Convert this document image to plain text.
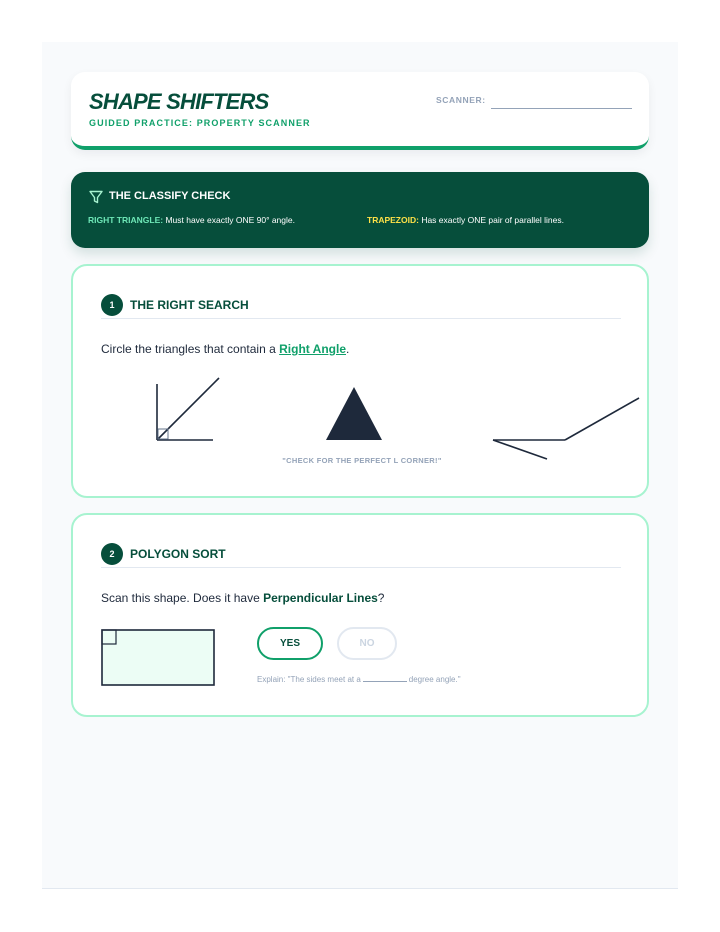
SHAPE SHIFTERS
GUIDED PRACTICE: PROPERTY SCANNER
SCANNER:
THE CLASSIFY CHECK
RIGHT TRIANGLE: Must have exactly ONE 90° angle.	TRAPEZOID: Has exactly ONE pair of parallel lines.
1	THE RIGHT SEARCH
Circle the triangles that contain a Right Angle.
"CHECK FOR THE PERFECT L CORNER!"
2	POLYGON SORT
Scan this shape. Does it have Perpendicular Lines?
YES	NO
Explain: "The sides meet at a	degree angle."
